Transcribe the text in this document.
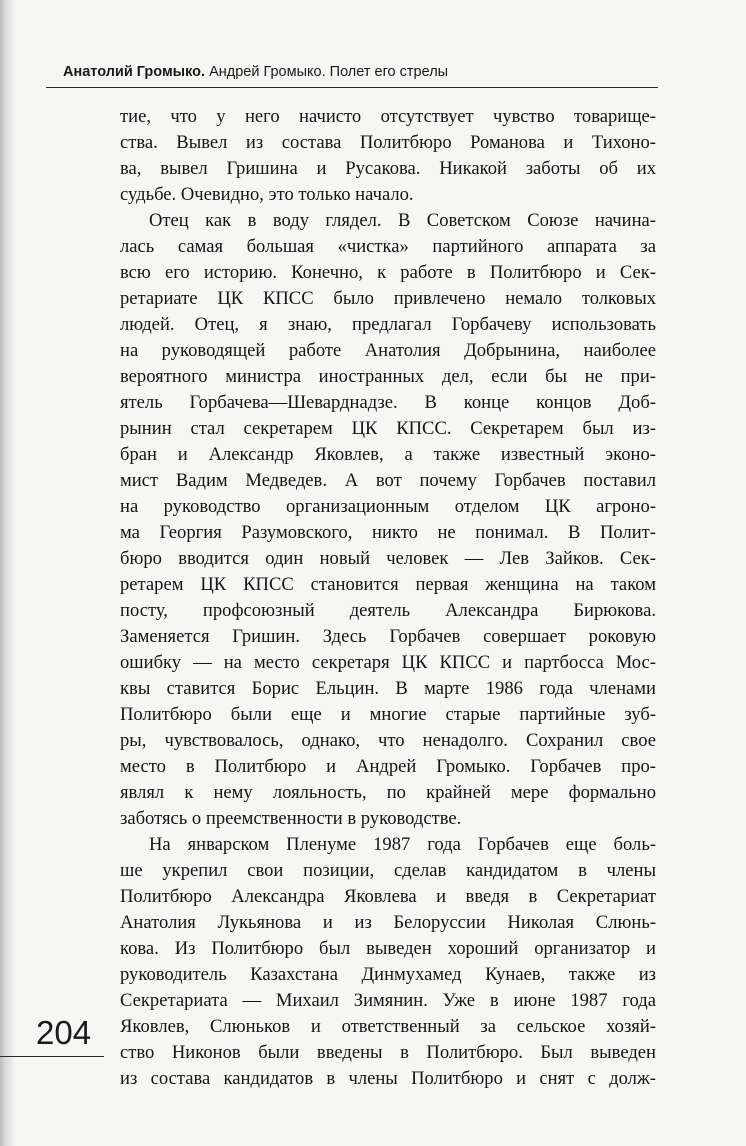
Анатолий Громыко. Андрей Громыко. Полет его стрелы
тие, что у него начисто отсутствует чувство товарище-
ства. Вывел из состава Политбюро Романова и Тихоно-
ва, вывел Гришина и Русакова. Никакой заботы об их
судьбе. Очевидно, это только начало.
Отец как в воду глядел. В Советском Союзе начина-
лась самая большая «чистка» партийного аппарата за
всю его историю. Конечно, к работе в Политбюро и Сек-
ретариате ЦК КПСС было привлечено немало толковых
людей. Отец, я знаю, предлагал Горбачеву использовать
на руководящей работе Анатолия Добрынина, наиболее
вероятного министра иностранных дел, если бы не при-
ятель Горбачева—Шеварднадзе. В конце концов Доб-
рынин стал секретарем ЦК КПСС. Секретарем был из-
бран и Александр Яковлев, а также известный эконо-
мист Вадим Медведев. А вот почему Горбачев поставил
на руководство организационным отделом ЦК агроно-
ма Георгия Разумовского, никто не понимал. В Полит-
бюро вводится один новый человек — Лев Зайков. Сек-
ретарем ЦК КПСС становится первая женщина на таком
посту, профсоюзный деятель Александра Бирюкова.
Заменяется Гришин. Здесь Горбачев совершает роковую
ошибку — на место секретаря ЦК КПСС и партбосса Мос-
квы ставится Борис Ельцин. В марте 1986 года членами
Политбюро были еще и многие старые партийные зуб-
ры, чувствовалось, однако, что ненадолго. Сохранил свое
место в Политбюро и Андрей Громыко. Горбачев про-
являл к нему лояльность, по крайней мере формально
заботясь о преемственности в руководстве.
На январском Пленуме 1987 года Горбачев еще боль-
ше укрепил свои позиции, сделав кандидатом в члены
Политбюро Александра Яковлева и введя в Секретариат
Анатолия Лукьянова и из Белоруссии Николая Слюнь-
кова. Из Политбюро был выведен хороший организатор и
руководитель Казахстана Динмухамед Кунаев, также из
Секретариата — Михаил Зимянин. Уже в июне 1987 года
Яковлев, Слюньков и ответственный за сельское хозяй-
ство Никонов были введены в Политбюро. Был выведен
из состава кандидатов в члены Политбюро и снят с долж-
204
